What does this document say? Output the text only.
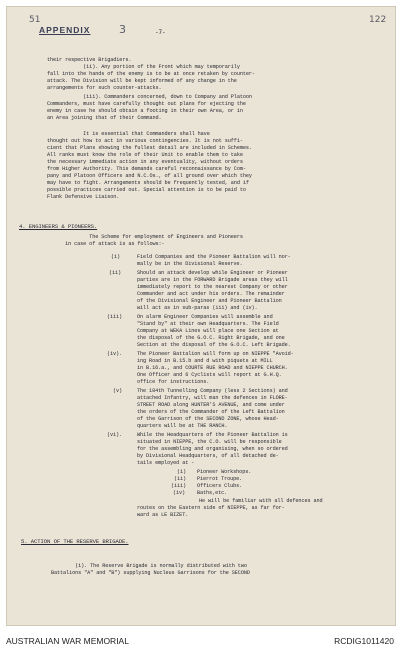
51	122
APPENDIX	3	-7-
their respective Brigadiers.
(ii). Any portion of the Front which may temporarily
fall into the hands of the enemy is to be at once retaken by counter-
attack. The Division will be kept informed of any change in the
arrangements for such counter-attacks.
(iii). Commanders concerned, down to Company and Platoon
Commanders, must have carefully thought out plans for ejecting the
enemy in case he should obtain a footing in their own Area, or in
an Area joining that of their Command.
It is essential that Commanders shall have
thought out how to act in various contingencies. It is not suffi-
cient that Plans showing the fullest detail are included in Schemes.
All ranks must know the role of their Unit to enable them to take
the necessary immediate action in any eventuality, without orders
from Higher Authority. This demands careful reconnaissance by Com-
pany and Platoon Officers and N.C.Os., of all ground over which they
may have to fight. Arrangements should be frequently tested, and if
possible practices carried out. Special attention is to be paid to
Flank Defensive Liaison.
4. ENGINEERS & PIONEERS.
The Scheme for employment of Engineers and Pioneers
in case of attack is as follows:-
(i)	Field Companies and the Pioneer Battalion will nor-
mally be in the Divisional Reserve.
(ii)	Should an attack develop while Engineer or Pioneer
parties are in the FORWARD Brigade areas they will
immediately report to the nearest Company or other
Commander and act under his orders. The remainder
of the Divisional Engineer and Pioneer Battalion
will act as in sub-paras (iii) and (iv).
(iii)	On alarm Engineer Companies will assemble and
"Stand by" at their own Headquarters. The Field
Company at WEKA Lines will place one Section at
the disposal of the G.O.C. Right Brigade, and one
Section at the disposal of the G.O.C. Left Brigade.
(iv).	The Pioneer Battalion will form up on NIEPPE "Avoid-
ing Road in B.15.b and d with piquets at MILL
in B.16.a., and COURTE RUE ROAD and NIEPPE CHURCH.
One Officer and 6 Cyclists will report at G.H.Q.
office for instructions.
(v)	The 184th Tunnelling Company (less 2 Sections) and
attached Infantry, will man the defences in FLORE-
STREET ROAD along HUNTER'S AVENUE, and come under
the orders of the Commander of the Left Battalion
of the Garrison of the SECOND ZONE, whose Head-
quarters will be at THE RANCH.
(vi).	While the Headquarters of the Pioneer Battalion is
situated in NIEPPE, the C.O. will be responsible
for the assembling and organising, when so ordered
by Divisional Headquarters, of all detached de-
tails employed at -
(i) Pioneer Workshops.
(ii) Pierrot Troupe.
(iii) Officers Clubs.
(iv) Baths,etc.
He will be familiar with all defences and
routes on the Eastern side of NIEPPE, as far for-
ward as LE BIZET.
5. ACTION OF THE RESERVE BRIGADE.
(i). The Reserve Brigade is normally distributed with two
Battalions "A" and "B") supplying Nucleus Garrisons for the SECOND
AUSTRALIAN WAR MEMORIAL	RCDIG1011420
